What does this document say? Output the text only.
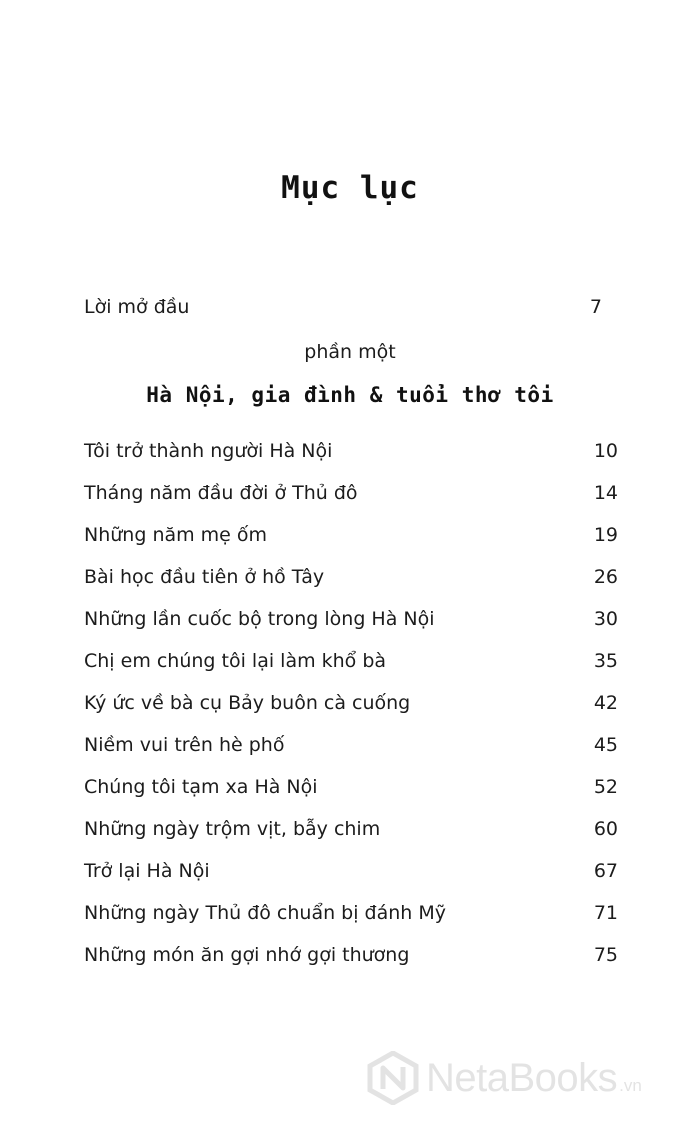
Mục lục
Lời mở đầu	7
phần một
Hà Nội, gia đình & tuổi thơ tôi
Tôi trở thành người Hà Nội	10
Tháng năm đầu đời ở Thủ đô	14
Những năm mẹ ốm	19
Bài học đầu tiên ở hồ Tây	26
Những lần cuốc bộ trong lòng Hà Nội	30
Chị em chúng tôi lại làm khổ bà	35
Ký ức về bà cụ Bảy buôn cà cuống	42
Niềm vui trên hè phố	45
Chúng tôi tạm xa Hà Nội	52
Những ngày trộm vịt, bẫy chim	60
Trở lại Hà Nội	67
Những ngày Thủ đô chuẩn bị đánh Mỹ	71
Những món ăn gợi nhớ gợi thương	75
NetaBooks .vn
